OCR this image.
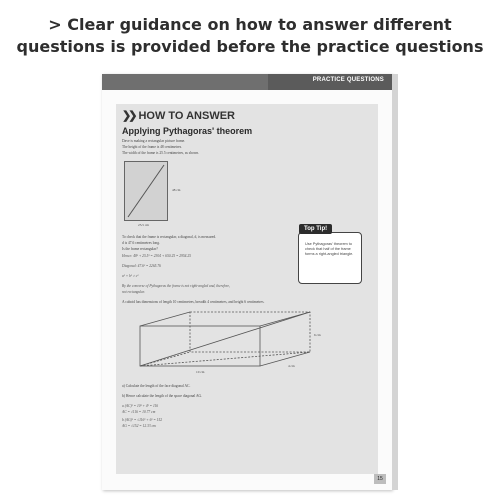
> Clear guidance on how to answer different
questions is provided before the practice questions
PRACTICE QUESTIONS
❯❯ HOW TO ANSWER
Applying Pythagoras' theorem
Dave is making a rectangular picture frame.
The height of the frame is 48 centimetres.
The width of the frame is 25.5 centimetres, as shown.
48 cm
25.5 cm
To check that the frame is rectangular, a diagonal, d, is measured.
d is 47.6 centimetres long.
Is the frame rectangular?
Hence: 48² + 25.5² = 2304 + 650.25 = 2954.25
Diagonal: 47.6² = 2265.76
a² + b² ≠ c²
By the converse of Pythagoras the frame is not right-angled and, therefore,
not rectangular.
A cuboid has dimensions of length 10 centimetres, breadth 4 centimetres, and height 6 centimetres.
6 cm
4 cm
10 cm
a) Calculate the length of the face diagonal AC.
b) Hence calculate the length of the space diagonal AG.
a (AC)² = 10² + 4² = 116
AC = √116 = 10.77 cm
b (AG)² = √116² + 6² = 152
AG = √152 = 12.33 cm
Top Tip!
Use Pythagoras' theorem to check that half of the frame forms a right-angled triangle.
15
